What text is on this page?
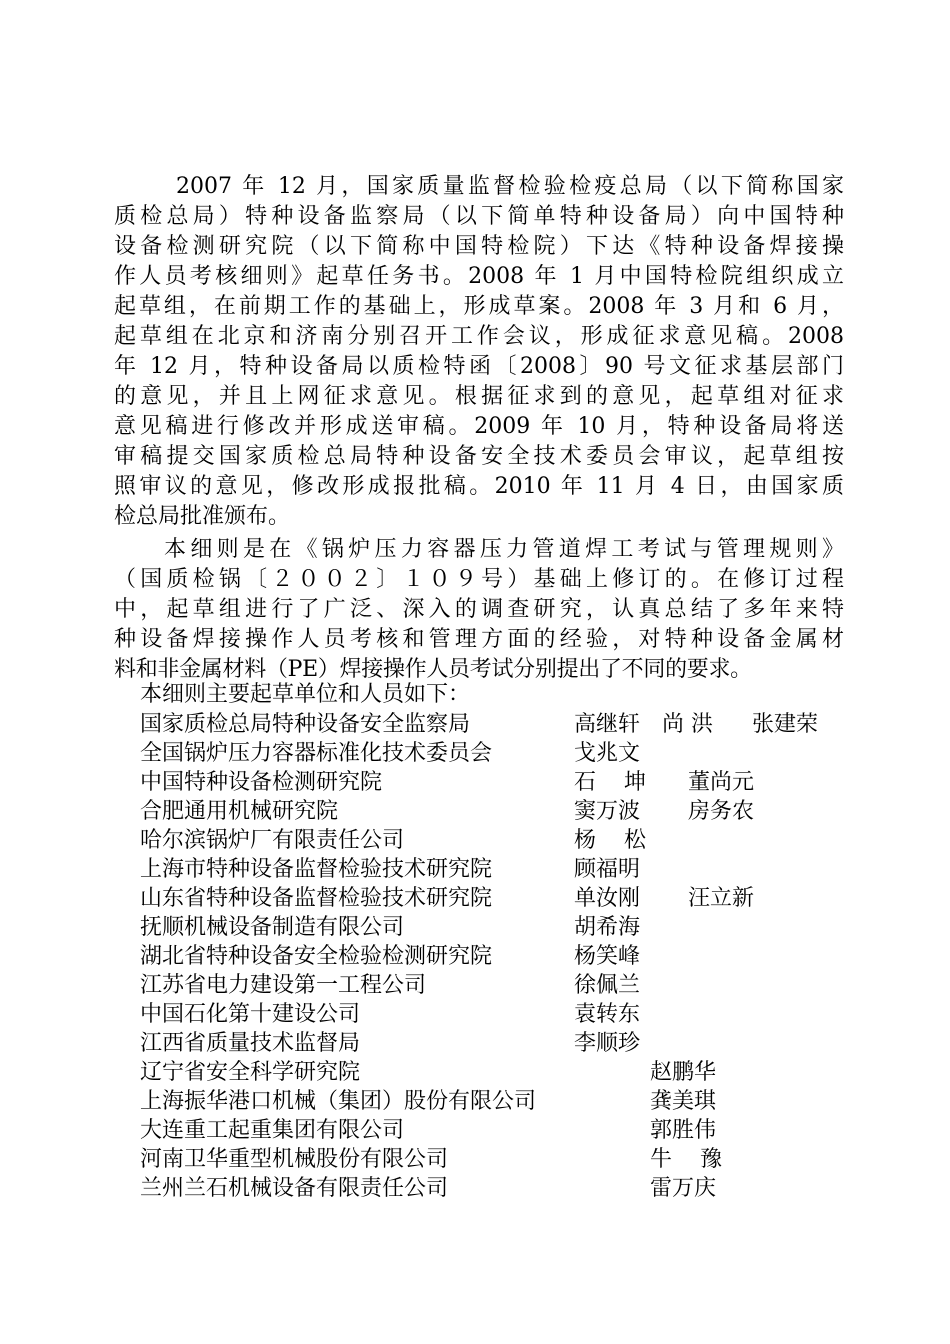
2007 年 12 月，国家质量监督检验检疫总局（以下简称国家
质检总局）特种设备监察局（以下简单特种设备局）向中国特种
设备检测研究院（以下简称中国特检院）下达《特种设备焊接操
作人员考核细则》起草任务书。2008 年 1 月中国特检院组织成立
起草组，在前期工作的基础上，形成草案。2008 年 3 月和 6 月，
起草组在北京和济南分别召开工作会议，形成征求意见稿。2008
年 12 月，特种设备局以质检特函〔2008〕90 号文征求基层部门
的意见，并且上网征求意见。根据征求到的意见，起草组对征求
意见稿进行修改并形成送审稿。2009 年 10 月，特种设备局将送
审稿提交国家质检总局特种设备安全技术委员会审议，起草组按
照审议的意见，修改形成报批稿。2010 年 11 月 4 日，由国家质
检总局批准颁布。
本细则是在《锅炉压力容器压力管道焊工考试与管理规则》
（国质检锅〔２００２〕１０９号）基础上修订的。在修订过程
中，起草组进行了广泛、深入的调查研究，认真总结了多年来特
种设备焊接操作人员考核和管理方面的经验，对特种设备金属材
料和非金属材料（PE）焊接操作人员考试分别提出了不同的要求。
本细则主要起草单位和人员如下：
国家质检总局特种设备安全监察局	高继轩 尚 洪 张建荣
全国锅炉压力容器标准化技术委员会	戈兆文
中国特种设备检测研究院	石    坤 董尚元
合肥通用机械研究院	窦万波 房务农
哈尔滨锅炉厂有限责任公司	杨    松
上海市特种设备监督检验技术研究院	顾福明
山东省特种设备监督检验技术研究院	单汝刚 汪立新
抚顺机械设备制造有限公司	胡希海
湖北省特种设备安全检验检测研究院	杨笑峰
江苏省电力建设第一工程公司	徐佩兰
中国石化第十建设公司	袁转东
江西省质量技术监督局	李顺珍
辽宁省安全科学研究院	赵鹏华
上海振华港口机械（集团）股份有限公司	龚美琪
大连重工起重集团有限公司	郭胜伟
河南卫华重型机械股份有限公司	牛    豫
兰州兰石机械设备有限责任公司	雷万庆
